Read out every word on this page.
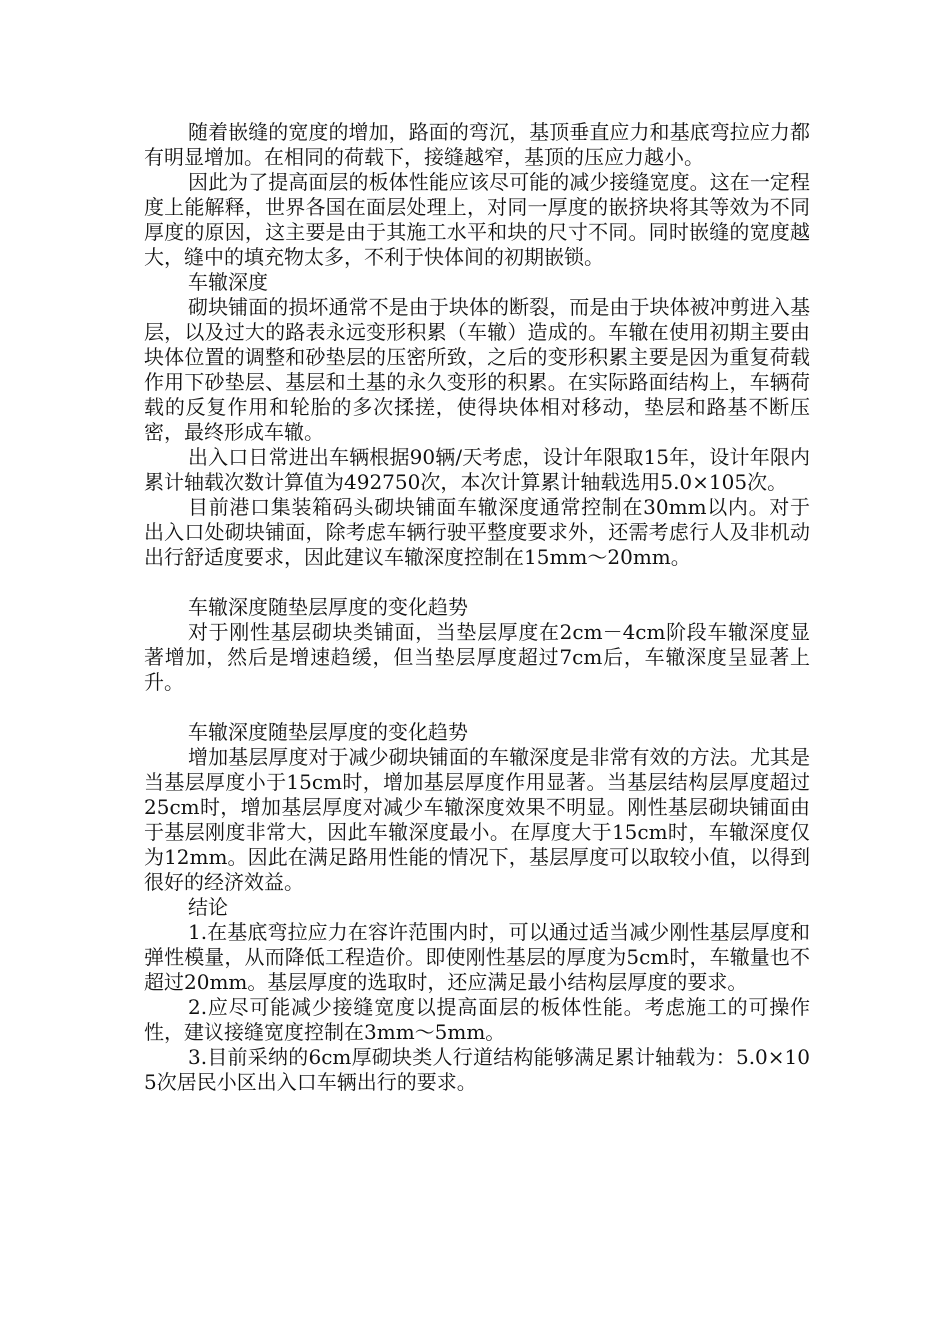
随着嵌缝的宽度的增加，路面的弯沉，基顶垂直应力和基底弯拉应力都有明显增加。在相同的荷载下，接缝越窄，基顶的压应力越小。

因此为了提高面层的板体性能应该尽可能的减少接缝宽度。这在一定程度上能解释，世界各国在面层处理上，对同一厚度的嵌挤块将其等效为不同厚度的原因，这主要是由于其施工水平和块的尺寸不同。同时嵌缝的宽度越大，缝中的填充物太多，不利于快体间的初期嵌锁。

车辙深度

砌块铺面的损坏通常不是由于块体的断裂，而是由于块体被冲剪进入基层，以及过大的路表永远变形积累（车辙）造成的。车辙在使用初期主要由块体位置的调整和砂垫层的压密所致，之后的变形积累主要是因为重复荷载作用下砂垫层、基层和土基的永久变形的积累。在实际路面结构上，车辆荷载的反复作用和轮胎的多次揉搓，使得块体相对移动，垫层和路基不断压密，最终形成车辙。

出入口日常进出车辆根据90辆/天考虑，设计年限取15年，设计年限内累计轴载次数计算值为492750次，本次计算累计轴载选用5.0×105次。

目前港口集装箱码头砌块铺面车辙深度通常控制在30mm以内。对于出入口处砌块铺面，除考虑车辆行驶平整度要求外，还需考虑行人及非机动出行舒适度要求，因此建议车辙深度控制在15mm～20mm。

车辙深度随垫层厚度的变化趋势

对于刚性基层砌块类铺面，当垫层厚度在2cm－4cm阶段车辙深度显著增加，然后是增速趋缓，但当垫层厚度超过7cm后，车辙深度呈显著上升。

车辙深度随垫层厚度的变化趋势

增加基层厚度对于减少砌块铺面的车辙深度是非常有效的方法。尤其是当基层厚度小于15cm时，增加基层厚度作用显著。当基层结构层厚度超过25cm时，增加基层厚度对减少车辙深度效果不明显。刚性基层砌块铺面由于基层刚度非常大，因此车辙深度最小。在厚度大于15cm时，车辙深度仅为12mm。因此在满足路用性能的情况下，基层厚度可以取较小值，以得到很好的经济效益。

结论

1.在基底弯拉应力在容许范围内时，可以通过适当减少刚性基层厚度和弹性模量，从而降低工程造价。即使刚性基层的厚度为5cm时，车辙量也不超过20mm。基层厚度的选取时，还应满足最小结构层厚度的要求。

2.应尽可能减少接缝宽度以提高面层的板体性能。考虑施工的可操作性，建议接缝宽度控制在3mm～5mm。

3.目前采纳的6cm厚砌块类人行道结构能够满足累计轴载为：5.0×105次居民小区出入口车辆出行的要求。
